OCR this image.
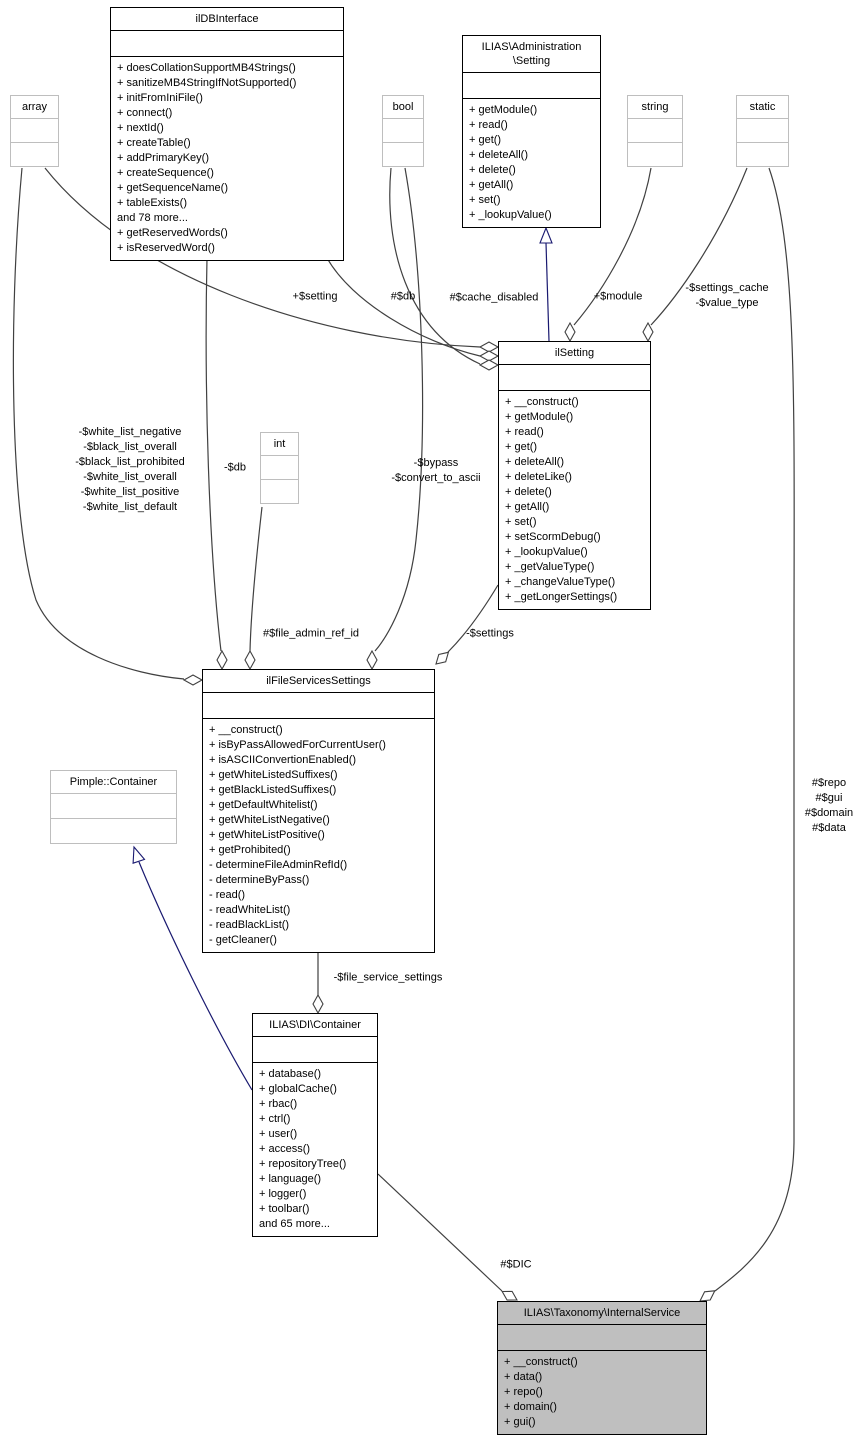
ilDBInterface
+ doesCollationSupportMB4Strings()
+ sanitizeMB4StringIfNotSupported()
+ initFromIniFile()
+ connect()
+ nextId()
+ createTable()
+ addPrimaryKey()
+ createSequence()
+ getSequenceName()
+ tableExists()
and 78 more...
+ getReservedWords()
+ isReservedWord()
ILIAS\Administration
\Setting
+ getModule()
+ read()
+ get()
+ deleteAll()
+ delete()
+ getAll()
+ set()
+ _lookupValue()
ilSetting
+ __construct()
+ getModule()
+ read()
+ get()
+ deleteAll()
+ deleteLike()
+ delete()
+ getAll()
+ set()
+ setScormDebug()
+ _lookupValue()
+ _getValueType()
+ _changeValueType()
+ _getLongerSettings()
ilFileServicesSettings
+ __construct()
+ isByPassAllowedForCurrentUser()
+ isASCIIConvertionEnabled()
+ getWhiteListedSuffixes()
+ getBlackListedSuffixes()
+ getDefaultWhitelist()
+ getWhiteListNegative()
+ getWhiteListPositive()
+ getProhibited()
- determineFileAdminRefId()
- determineByPass()
- read()
- readWhiteList()
- readBlackList()
- getCleaner()
ILIAS\DI\Container
+ database()
+ globalCache()
+ rbac()
+ ctrl()
+ user()
+ access()
+ repositoryTree()
+ language()
+ logger()
+ toolbar()
and 65 more...
ILIAS\Taxonomy\InternalService
+ __construct()
+ data()
+ repo()
+ domain()
+ gui()
Pimple::Container
array	bool	string	static
int
+$setting	#$db	#$cache_disabled	+$module
-$settings_cache
-$value_type
-$white_list_negative
-$black_list_overall
-$black_list_prohibited
-$white_list_overall
-$white_list_positive
-$white_list_default
-$db	-$bypass
-$convert_to_ascii
#$file_admin_ref_id	-$settings
-$file_service_settings
#$DIC
#$repo
#$gui
#$domain
#$data
